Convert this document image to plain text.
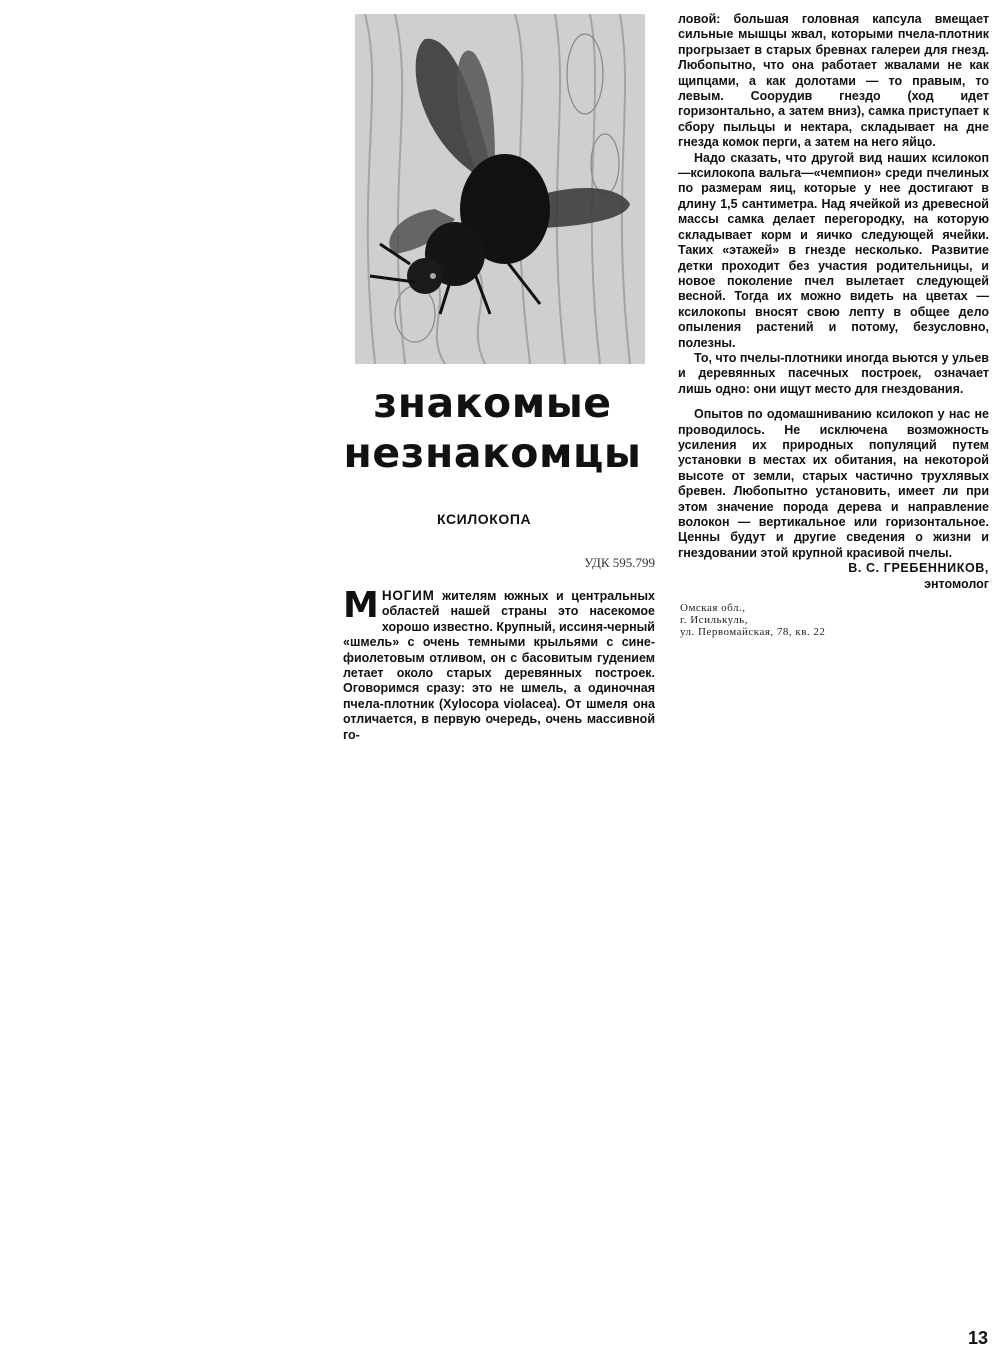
знакомые
незнакомцы
КСИЛОКОПА
УДК 595.799

МНОГИМ жителям южных и центральных областей нашей страны это насекомое хорошо известно. Крупный, иссиня-черный «шмель» с очень темными крыльями с сине-фиолетовым отливом, он с басовитым гудением летает около старых деревянных построек. Оговоримся сразу: это не шмель, а одиночная пчела-плотник (Xylocopa violacea). От шмеля она отличается, в первую очередь, очень массивной го-

ловой: большая головная капсула вмещает сильные мышцы жвал, которыми пчела-плотник прогрызает в старых бревнах галереи для гнезд. Любопытно, что она работает жвалами не как щипцами, а как долотами — то правым, то левым. Соорудив гнездо (ход идет горизонтально, а затем вниз), самка приступает к сбору пыльцы и нектара, складывает на дне гнезда комок перги, а затем на него яйцо.

Надо сказать, что другой вид наших ксилокоп—ксилокопа вальга—«чемпион» среди пчелиных по размерам яиц, которые у нее достигают в длину 1,5 сантиметра. Над ячейкой из древесной массы самка делает перегородку, на которую складывает корм и яичко следующей ячейки. Таких «этажей» в гнезде несколько. Развитие детки проходит без участия родительницы, и новое поколение пчел вылетает следующей весной. Тогда их можно видеть на цветах — ксилокопы вносят свою лепту в общее дело опыления растений и потому, безусловно, полезны.

То, что пчелы-плотники иногда вьются у ульев и деревянных пасечных построек, означает лишь одно: они ищут место для гнездования.

Опытов по одомашниванию ксилокоп у нас не проводилось. Не исключена возможность усиления их природных популяций путем установки в местах их обитания, на некоторой высоте от земли, старых частично трухлявых бревен. Любопытно установить, имеет ли при этом значение порода дерева и направление волокон — вертикальное или горизонтальное. Ценны будут и другие сведения о жизни и гнездовании этой крупной красивой пчелы.

В. С. ГРЕБЕННИКОВ,

энтомолог

Омская обл.,
г. Исилькуль,
ул. Первомайская, 78, кв. 22
13
